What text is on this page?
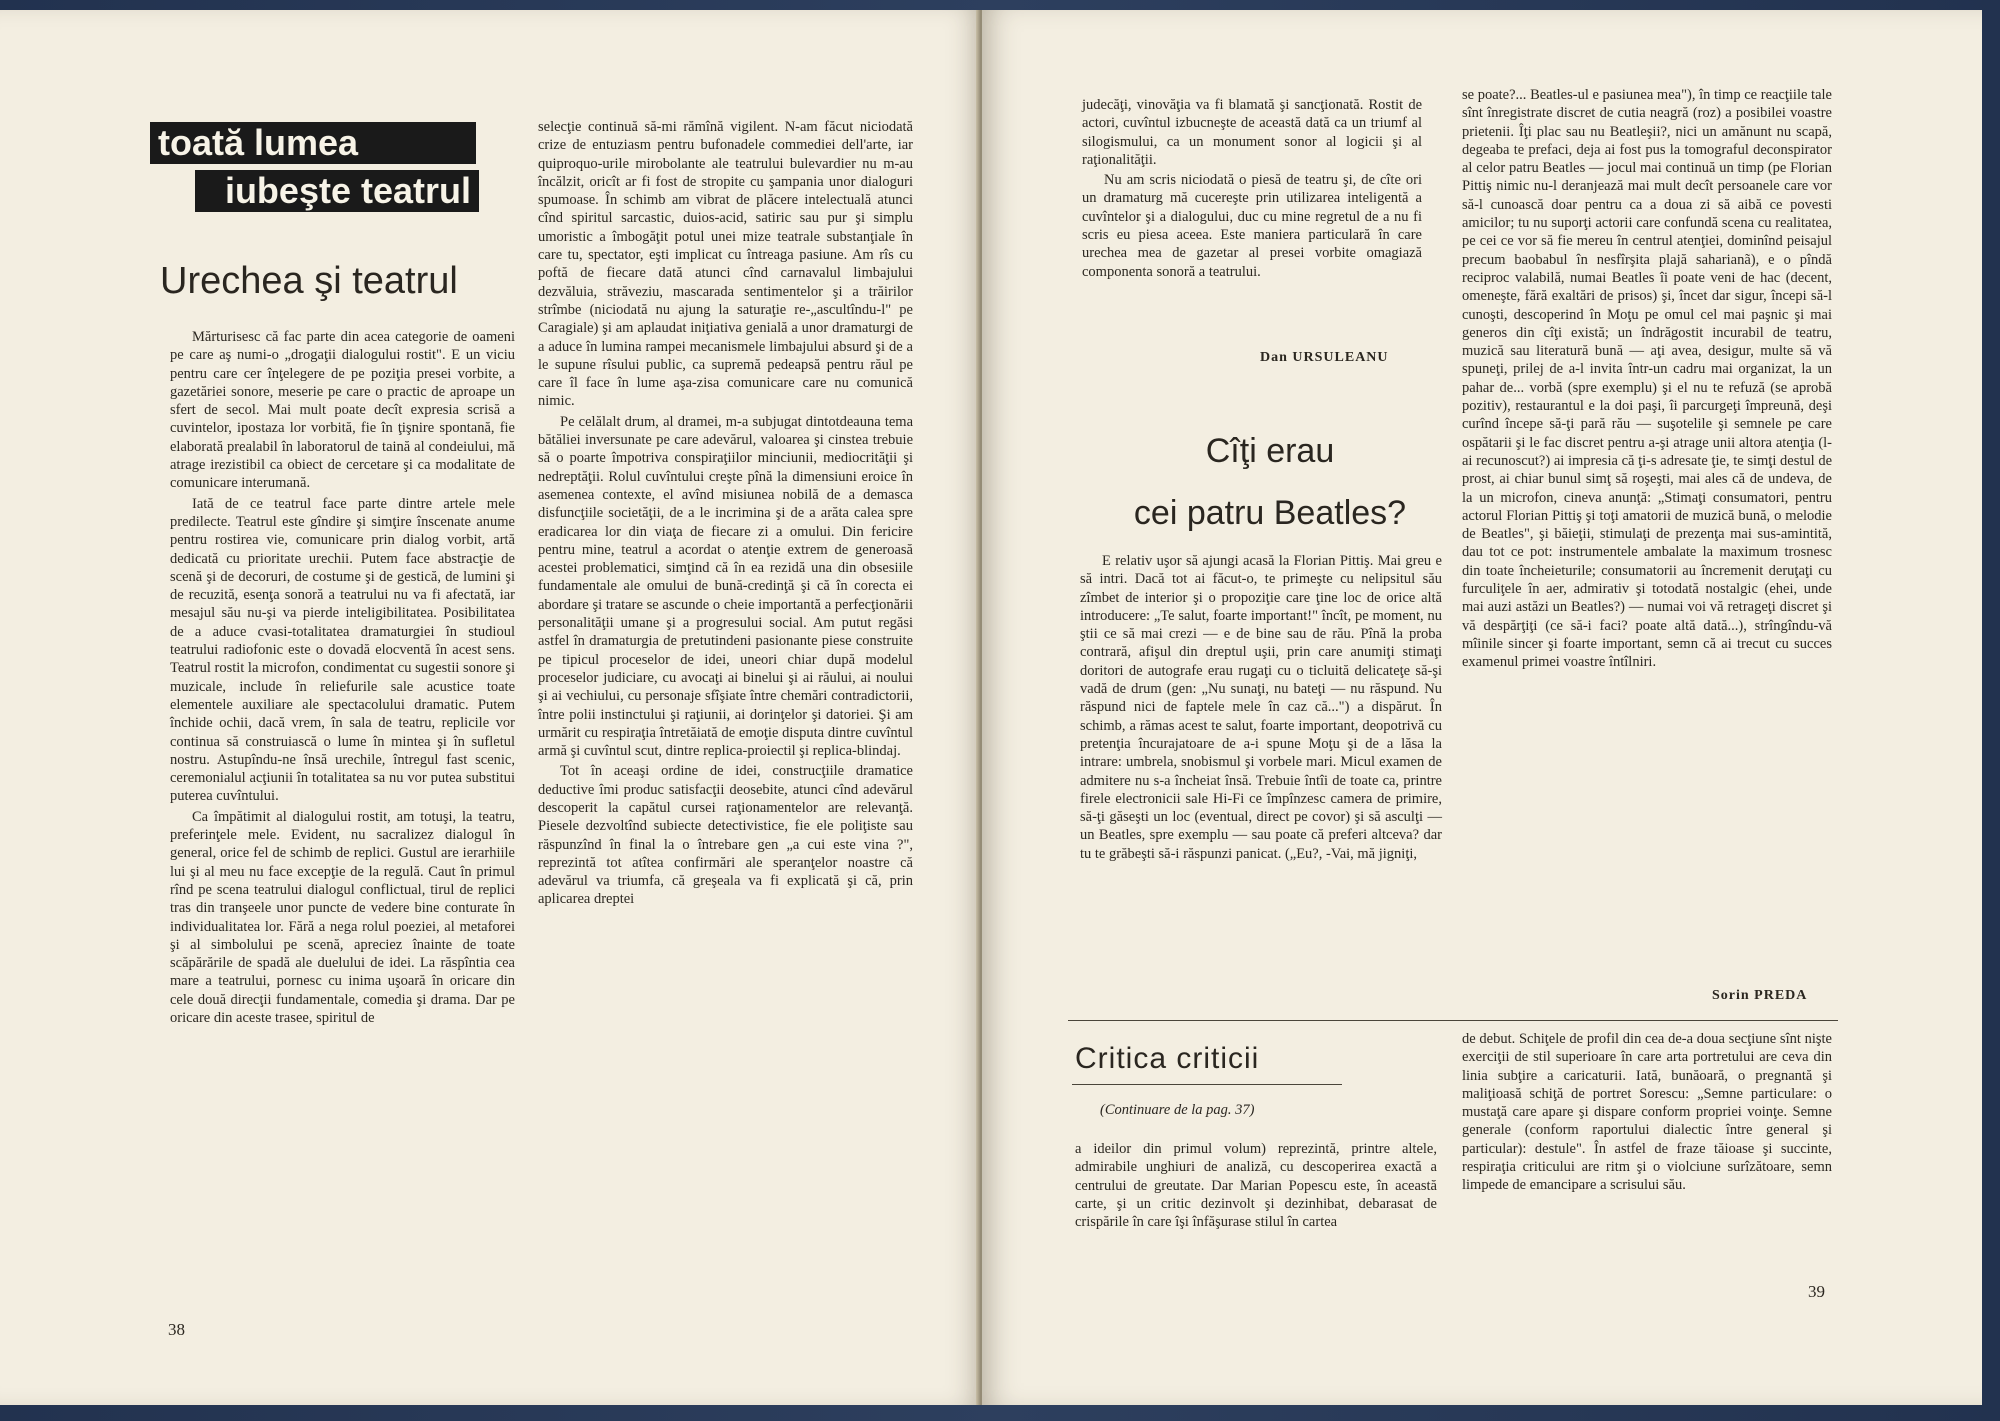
toată lumea
iubeşte teatrul
Urechea şi teatrul

Mărturisesc că fac parte din acea categorie de oameni pe care aş numi-o „drogaţii dialogului rostit". E un viciu pentru care cer înţelegere de pe poziţia presei vorbite, a gazetăriei sonore, meserie pe care o practic de aproape un sfert de secol. Mai mult poate decît expresia scrisă a cuvintelor, ipostaza lor vorbită, fie în ţişnire spontană, fie elaborată prealabil în laboratorul de taină al condeiului, mă atrage irezistibil ca obiect de cercetare şi ca modalitate de comunicare interumană.

Iată de ce teatrul face parte dintre artele mele predilecte. Teatrul este gîndire şi simţire înscenate anume pentru rostirea vie, comunicare prin dialog vorbit, artă dedicată cu prioritate urechii. Putem face abstracţie de scenă şi de decoruri, de costume şi de gestică, de lumini şi de recuzită, esenţa sonoră a teatrului nu va fi afectată, iar mesajul său nu-şi va pierde inteligibilitatea. Posibilitatea de a aduce cvasi-totalitatea dramaturgiei în studioul teatrului radiofonic este o dovadă elocventă în acest sens. Teatrul rostit la microfon, condimentat cu sugestii sonore şi muzicale, include în reliefurile sale acustice toate elementele auxiliare ale spectacolului dramatic. Putem închide ochii, dacă vrem, în sala de teatru, replicile vor continua să construiască o lume în mintea şi în sufletul nostru. Astupîndu-ne însă urechile, întregul fast scenic, ceremonialul acţiunii în totalitatea sa nu vor putea substitui puterea cuvîntului.

Ca împătimit al dialogului rostit, am totuşi, la teatru, preferinţele mele. Evident, nu sacralizez dialogul în general, orice fel de schimb de replici. Gustul are ierarhiile lui şi al meu nu face excepţie de la regulă. Caut în primul rînd pe scena teatrului dialogul conflictual, tirul de replici tras din tranşeele unor puncte de vedere bine conturate în individualitatea lor. Fără a nega rolul poeziei, al metaforei şi al simbolului pe scenă, apreciez înainte de toate scăpărările de spadă ale duelului de idei. La răspîntia cea mare a teatrului, pornesc cu inima uşoară în oricare din cele două direcţii fundamentale, comedia şi drama. Dar pe oricare din aceste trasee, spiritul de

selecţie continuă să-mi rămînă vigilent. N-am făcut niciodată crize de entuziasm pentru bufonadele commediei dell'arte, iar quiproquo-urile mirobolante ale teatrului bulevardier nu m-au încălzit, oricît ar fi fost de stropite cu şampania unor dialoguri spumoase. În schimb am vibrat de plăcere intelectuală atunci cînd spiritul sarcastic, duios-acid, satiric sau pur şi simplu umoristic a îmbogăţit potul unei mize teatrale substanţiale în care tu, spectator, eşti implicat cu întreaga pasiune. Am rîs cu poftă de fiecare dată atunci cînd carnavalul limbajului dezvăluia, străveziu, mascarada sentimentelor şi a trăirilor strîmbe (niciodată nu ajung la saturaţie re-„ascultîndu-l" pe Caragiale) şi am aplaudat iniţiativa genială a unor dramaturgi de a aduce în lumina rampei mecanismele limbajului absurd şi de a le supune rîsului public, ca supremă pedeapsă pentru răul pe care îl face în lume aşa-zisa comunicare care nu comunică nimic.

Pe celălalt drum, al dramei, m-a subjugat dintotdeauna tema bătăliei inversunate pe care adevărul, valoarea şi cinstea trebuie să o poarte împotriva conspiraţiilor minciunii, mediocrităţii şi nedreptăţii. Rolul cuvîntului creşte pînă la dimensiuni eroice în asemenea contexte, el avînd misiunea nobilă de a demasca disfuncţiile societăţii, de a le incrimina şi de a arăta calea spre eradicarea lor din viaţa de fiecare zi a omului. Din fericire pentru mine, teatrul a acordat o atenţie extrem de generoasă acestei problematici, simţind că în ea rezidă una din obsesiile fundamentale ale omului de bună-credinţă şi că în corecta ei abordare şi tratare se ascunde o cheie importantă a perfecţionării personalităţii umane şi a progresului social. Am putut regăsi astfel în dramaturgia de pretutindeni pasionante piese construite pe tipicul proceselor de idei, uneori chiar după modelul proceselor judiciare, cu avocaţi ai binelui şi ai răului, ai noului şi ai vechiului, cu personaje sfîşiate între chemări contradictorii, între polii instinctului şi raţiunii, ai dorinţelor şi datoriei. Şi am urmărit cu respiraţia întretăiată de emoţie disputa dintre cuvîntul armă şi cuvîntul scut, dintre replica-proiectil şi replica-blindaj.

Tot în aceaşi ordine de idei, construcţiile dramatice deductive îmi produc satisfacţii deosebite, atunci cînd adevărul descoperit la capătul cursei raţionamentelor are relevanţă. Piesele dezvoltînd subiecte detectivistice, fie ele poliţiste sau răspunzînd în final la o întrebare gen „a cui este vina ?", reprezintă tot atîtea confirmări ale speranţelor noastre că adevărul va triumfa, că greşeala va fi explicată şi că, prin aplicarea dreptei

38

judecăţi, vinovăţia va fi blamată şi sancţionată. Rostit de actori, cuvîntul izbucneşte de această dată ca un triumf al silogismului, ca un monument sonor al logicii şi al raţionalităţii.

Nu am scris niciodată o piesă de teatru şi, de cîte ori un dramaturg mă cucereşte prin utilizarea inteligentă a cuvîntelor şi a dialogului, duc cu mine regretul de a nu fi scris eu piesa aceea. Este maniera particulară în care urechea mea de gazetar al presei vorbite omagiază componenta sonoră a teatrului.

Dan URSULEANU
Cîţi erau
cei patru Beatles?

E relativ uşor să ajungi acasă la Florian Pittiş. Mai greu e să intri. Dacă tot ai făcut-o, te primeşte cu nelipsitul său zîmbet de interior şi o propoziţie care ţine loc de orice altă introducere: „Te salut, foarte important!" încît, pe moment, nu ştii ce să mai crezi — e de bine sau de rău. Pînă la proba contrară, afişul din dreptul uşii, prin care anumiţi stimaţi doritori de autografe erau rugaţi cu o ticluită delicateţe să-şi vadă de drum (gen: „Nu sunaţi, nu bateţi — nu răspund. Nu răspund nici de faptele mele în caz că...") a dispărut. În schimb, a rămas acest te salut, foarte important, deopotrivă cu pretenţia încurajatoare de a-i spune Moţu şi de a lăsa la intrare: umbrela, snobismul şi vorbele mari. Micul examen de admitere nu s-a încheiat însă. Trebuie întîi de toate ca, printre firele electronicii sale Hi-Fi ce împînzesc camera de primire, să-ţi găseşti un loc (eventual, direct pe covor) şi să asculţi — un Beatles, spre exemplu — sau poate că preferi altceva? dar tu te grăbeşti să-i răspunzi panicat. („Eu?, -Vai, mă jigniţi,

se poate?... Beatles-ul e pasiunea mea"), în timp ce reacţiile tale sînt înregistrate discret de cutia neagră (roz) a posibilei voastre prietenii. Îţi plac sau nu Beatleşii?, nici un amănunt nu scapă, degeaba te prefaci, deja ai fost pus la tomograful deconspirator al celor patru Beatles — jocul mai continuă un timp (pe Florian Pittiş nimic nu-l deranjează mai mult decît persoanele care vor să-l cunoască doar pentru ca a doua zi să aibă ce povesti amicilor; tu nu suporţi actorii care confundă scena cu realitatea, pe cei ce vor să fie mereu în centrul atenţiei, dominînd peisajul precum baobabul în nesfîrşita plajă saharianã), e o pîndă reciproc valabilă, numai Beatles îi poate veni de hac (decent, omeneşte, fără exaltări de prisos) şi, încet dar sigur, începi să-l cunoşti, descoperind în Moţu pe omul cel mai paşnic şi mai generos din cîţi există; un îndrăgostit incurabil de teatru, muzică sau literatură bună — aţi avea, desigur, multe să vă spuneţi, prilej de a-l invita într-un cadru mai organizat, la un pahar de... vorbă (spre exemplu) şi el nu te refuză (se aprobă pozitiv), restaurantul e la doi paşi, îi parcurgeţi împreună, deşi curînd începe să-ţi pară rău — suşotelile şi semnele pe care ospătarii şi le fac discret pentru a-şi atrage unii altora atenţia (l-ai recunoscut?) ai impresia că ţi-s adresate ţie, te simţi destul de prost, ai chiar bunul simţ să roşeşti, mai ales că de undeva, de la un microfon, cineva anunţă: „Stimaţi consumatori, pentru actorul Florian Pittiş şi toţi amatorii de muzică bună, o melodie de Beatles", şi băieţii, stimulaţi de prezenţa mai sus-amintită, dau tot ce pot: instrumentele ambalate la maximum trosnesc din toate încheieturile; consumatorii au încremenit deruţaţi cu furculiţele în aer, admirativ şi totodată nostalgic (ehei, unde mai auzi astăzi un Beatles?) — numai voi vă retrageţi discret şi vă despărţiţi (ce să-i faci? poate altă dată...), strîngîndu-vă mîinile sincer şi foarte important, semn că ai trecut cu succes examenul primei voastre întîlniri.

Sorin PREDA
Critica criticii
(Continuare de la pag. 37)

a ideilor din primul volum) reprezintă, printre altele, admirabile unghiuri de analiză, cu descoperirea exactă a centrului de greutate. Dar Marian Popescu este, în această carte, şi un critic dezinvolt şi dezinhibat, debarasat de crispările în care îşi înfăşurase stilul în cartea

de debut. Schiţele de profil din cea de-a doua secţiune sînt nişte exerciţii de stil superioare în care arta portretului are ceva din linia subţire a caricaturii. Iată, bunăoară, o pregnantă şi maliţioasă schiţă de portret Sorescu: „Semne particulare: o mustaţă care apare şi dispare conform propriei voinţe. Semne generale (conform raportului dialectic între general şi particular): destule". În astfel de fraze tăioase şi succinte, respiraţia criticului are ritm şi o violciune surîzătoare, semn limpede de emancipare a scrisului său.

39
